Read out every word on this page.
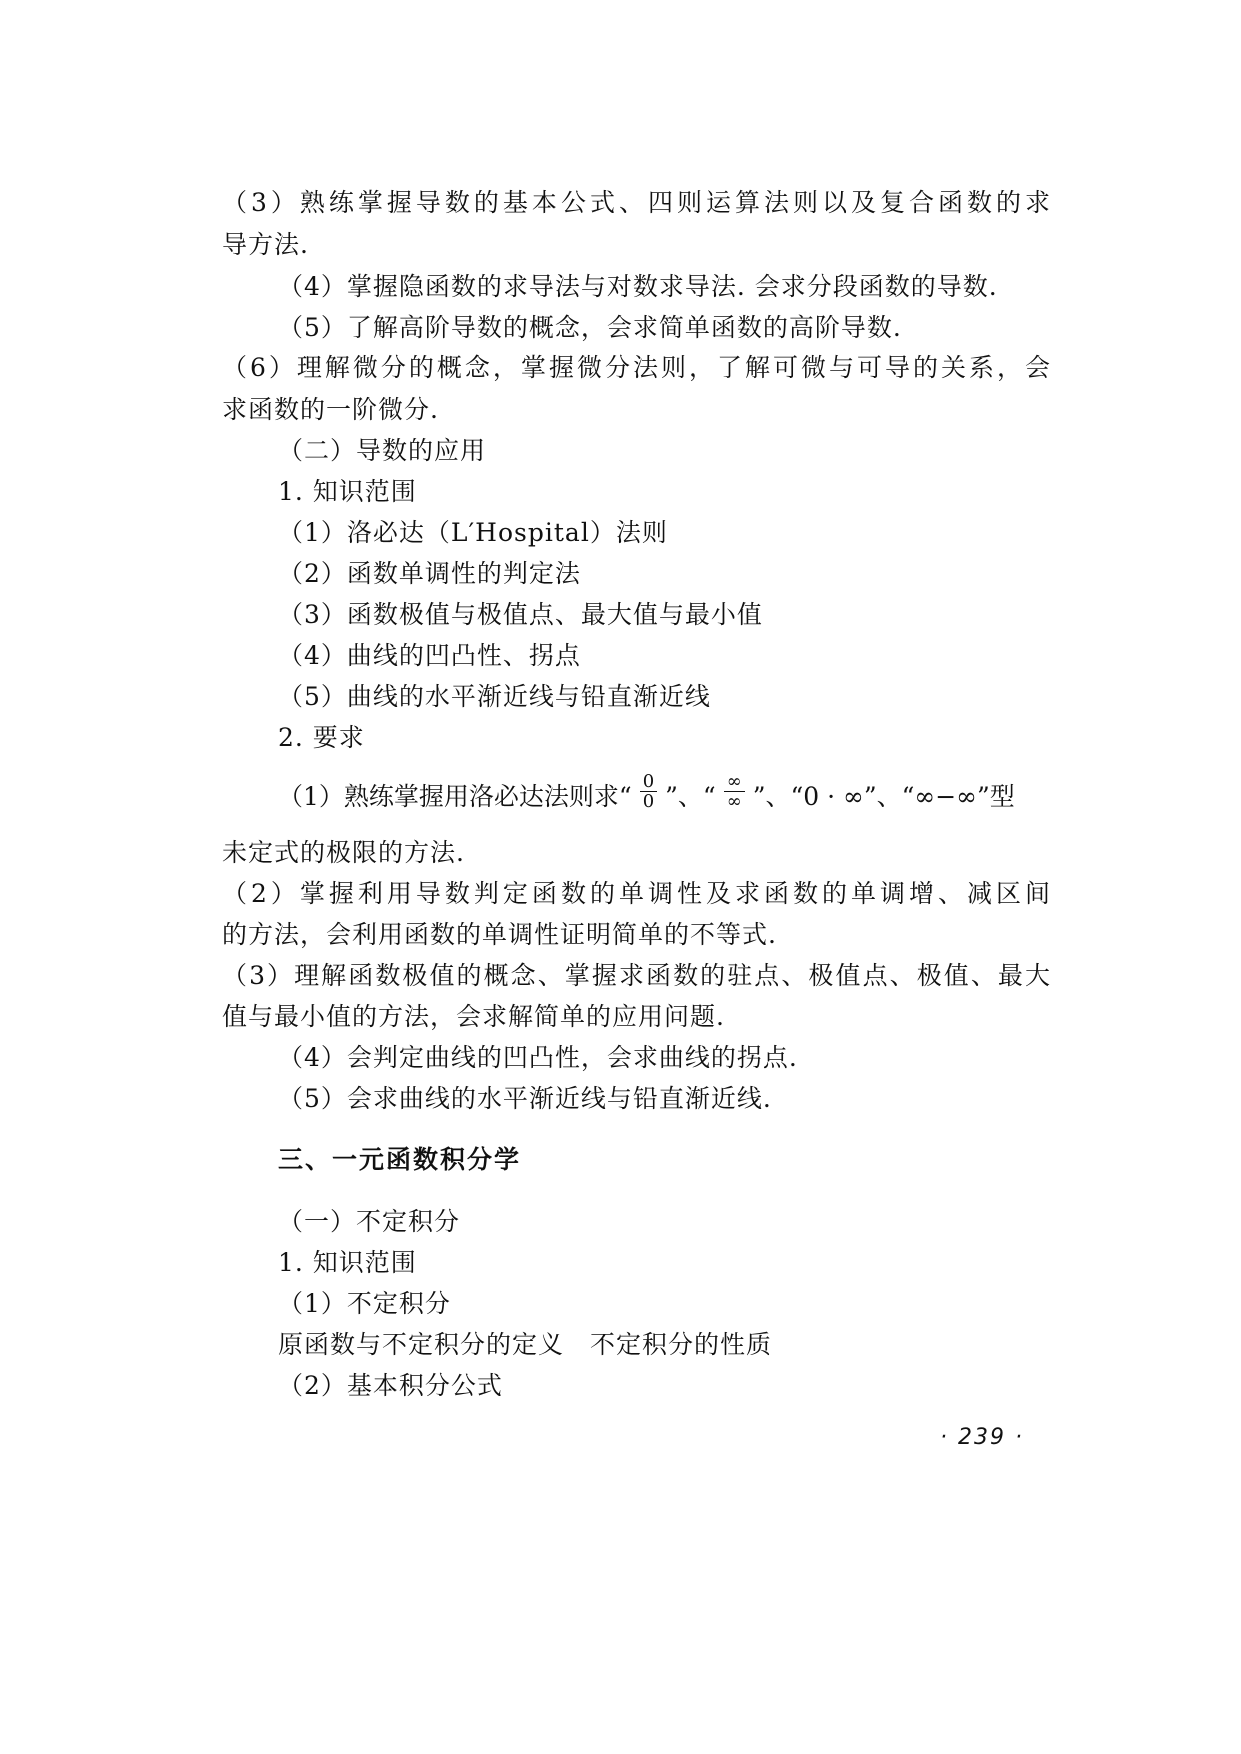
（3）熟练掌握导数的基本公式、四则运算法则以及复合函数的求
导方法.
（4）掌握隐函数的求导法与对数求导法. 会求分段函数的导数.
（5）了解高阶导数的概念，会求简单函数的高阶导数.
（6）理解微分的概念，掌握微分法则，了解可微与可导的关系，会
求函数的一阶微分.
（二）导数的应用
1. 知识范围
（1）洛必达（L′Hospital）法则
（2）函数单调性的判定法
（3）函数极值与极值点、最大值与最小值
（4）曲线的凹凸性、拐点
（5）曲线的水平渐近线与铅直渐近线
2. 要求
（1）熟练掌握用洛必达法则求“ $\frac{0}{0}$ ”、“ $\frac{\infty}{\infty}$ ”、“0 · ∞”、“∞−∞”型
未定式的极限的方法.
（2）掌握利用导数判定函数的单调性及求函数的单调增、减区间
的方法，会利用函数的单调性证明简单的不等式.
（3）理解函数极值的概念、掌握求函数的驻点、极值点、极值、最大
值与最小值的方法，会求解简单的应用问题.
（4）会判定曲线的凹凸性，会求曲线的拐点.
（5）会求曲线的水平渐近线与铅直渐近线.
三、一元函数积分学
（一）不定积分
1. 知识范围
（1）不定积分
原函数与不定积分的定义　不定积分的性质
（2）基本积分公式
· 239 ·
